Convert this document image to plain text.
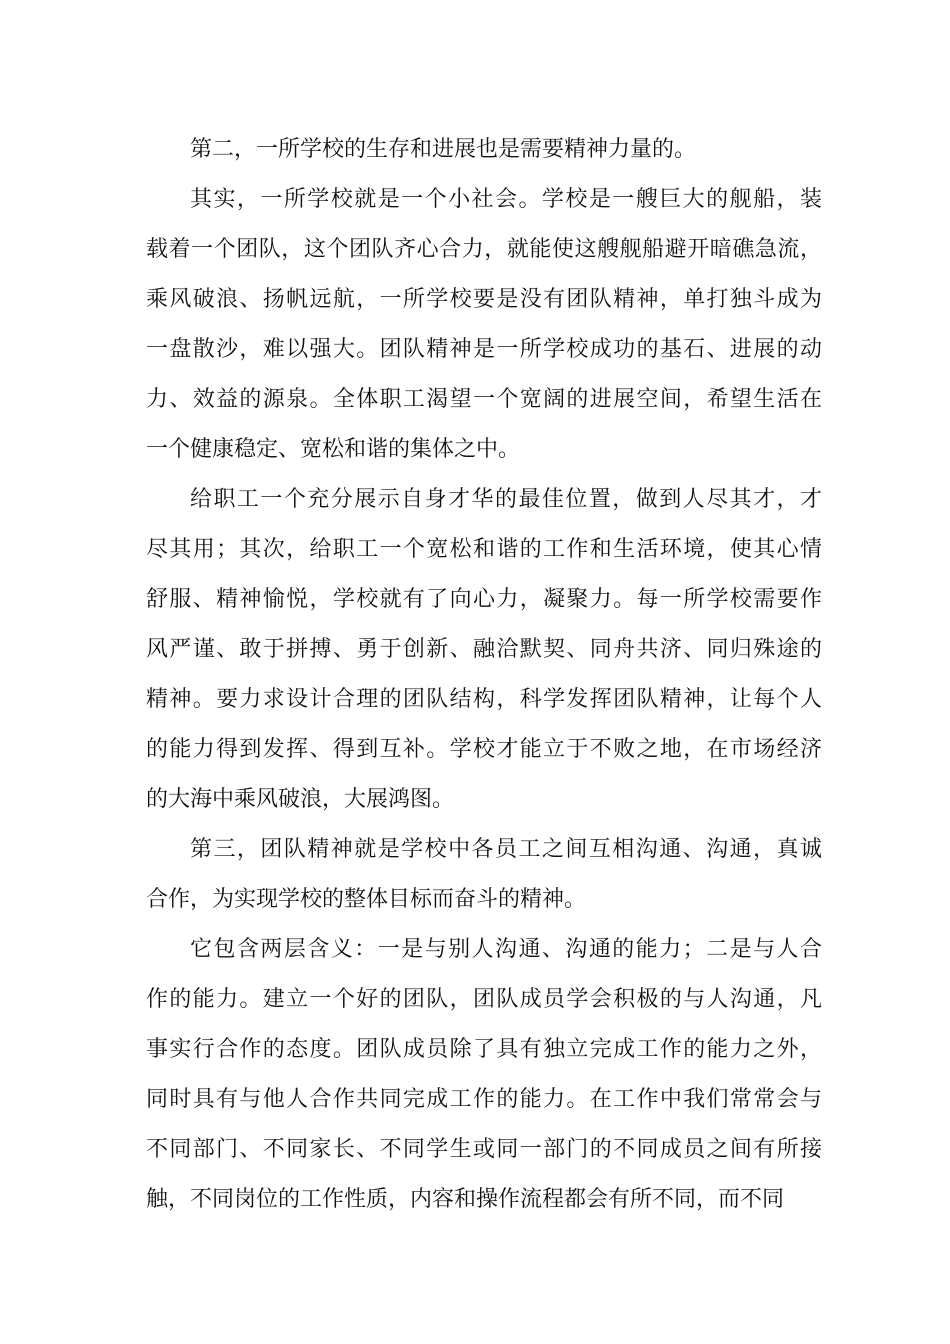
第二，一所学校的生存和进展也是需要精神力量的。
其实，一所学校就是一个小社会。学校是一艘巨大的舰船，装
载着一个团队，这个团队齐心合力，就能使这艘舰船避开暗礁急流，
乘风破浪、扬帆远航，一所学校要是没有团队精神，单打独斗成为
一盘散沙，难以强大。团队精神是一所学校成功的基石、进展的动
力、效益的源泉。全体职工渴望一个宽阔的进展空间，希望生活在
一个健康稳定、宽松和谐的集体之中。
给职工一个充分展示自身才华的最佳位置，做到人尽其才，才
尽其用；其次，给职工一个宽松和谐的工作和生活环境，使其心情
舒服、精神愉悦，学校就有了向心力，凝聚力。每一所学校需要作
风严谨、敢于拼搏、勇于创新、融洽默契、同舟共济、同归殊途的
精神。要力求设计合理的团队结构，科学发挥团队精神，让每个人
的能力得到发挥、得到互补。学校才能立于不败之地，在市场经济
的大海中乘风破浪，大展鸿图。
第三，团队精神就是学校中各员工之间互相沟通、沟通，真诚
合作，为实现学校的整体目标而奋斗的精神。
它包含两层含义：一是与别人沟通、沟通的能力；二是与人合
作的能力。建立一个好的团队，团队成员学会积极的与人沟通，凡
事实行合作的态度。团队成员除了具有独立完成工作的能力之外，
同时具有与他人合作共同完成工作的能力。在工作中我们常常会与
不同部门、不同家长、不同学生或同一部门的不同成员之间有所接
触，不同岗位的工作性质，内容和操作流程都会有所不同，而不同
